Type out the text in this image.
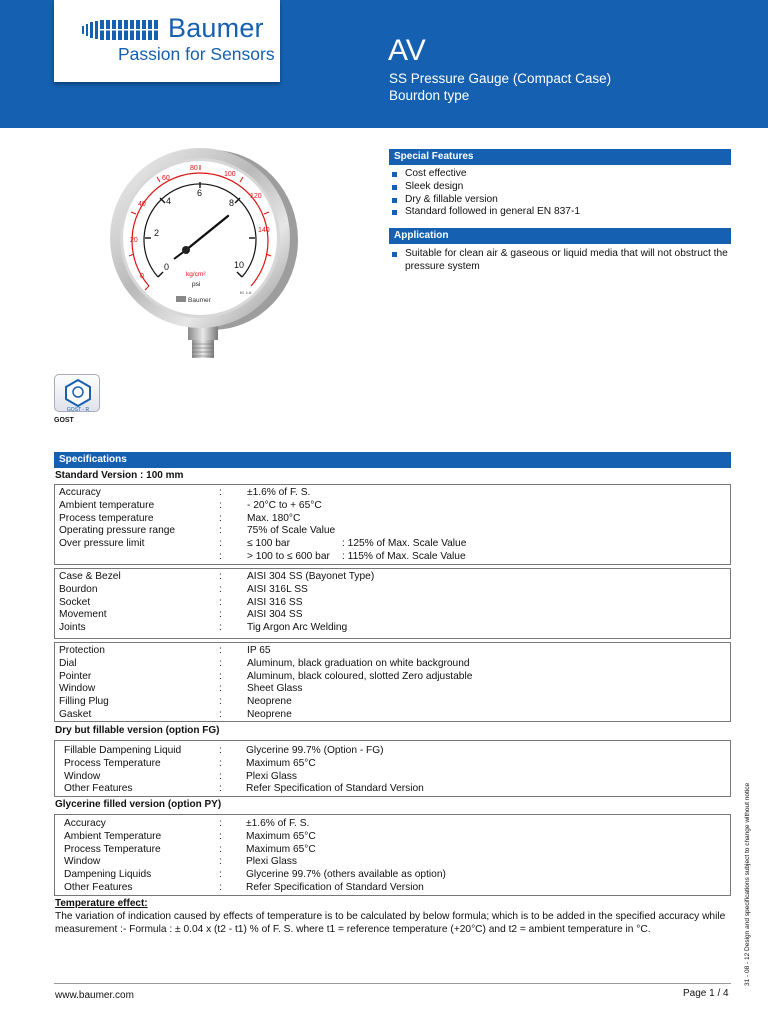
Baumer
Passion for Sensors	AV
SS Pressure Gauge (Compact Case)
Bourdon type
0
20
40
60
80
100
120
140
0
2
4
6
8
10
kg/cm²
psi
Baumer
Kl. 1.6
Special Features
Cost effective
Sleek design
Dry & fillable version
Standard followed in general EN 837-1
Application
Suitable for clean air & gaseous or liquid media that will not obstruct the pressure system
GOST - R
GOST
Specifications
Standard Version : 100 mm
Dry but fillable version (option FG)
Glycerine filled version (option PY)
Accuracy	: ±1.6% of F. S.
Ambient temperature	: - 20°C to + 65°C
Process temperature	: Max. 180°C
Operating pressure range	: 75% of Scale Value
Over pressure limit	: ≤ 100 bar	: 125% of Max. Scale Value
: > 100 to ≤ 600 bar : 115% of Max. Scale Value
Case & Bezel	: AISI 304 SS (Bayonet Type)
Bourdon	: AISI 316L SS
Socket	: AISI 316 SS
Movement	: AISI 304 SS
Joints	: Tig Argon Arc Welding
Protection	: IP 65
Dial	: Aluminum, black graduation on white background
Pointer	: Aluminum, black coloured, slotted Zero adjustable
Window	: Sheet Glass
Filling Plug	: Neoprene
Gasket	: Neoprene
Fillable Dampening Liquid	: Glycerine 99.7% (Option - FG)
Process Temperature	: Maximum 65°C
Window	: Plexi Glass
Other Features	: Refer Specification of Standard Version
Accuracy	: ±1.6% of F. S.
Ambient Temperature	: Maximum 65°C
Process Temperature	: Maximum 65°C
Window	: Plexi Glass
Dampening Liquids	: Glycerine 99.7% (others available as option)
Other Features	: Refer Specification of Standard Version
Temperature effect:
The variation of indication caused by effects of temperature is to be calculated by below formula; which is to be added in the specified accuracy while measurement :- Formula : ± 0.04 x (t2 - t1) % of F. S. where t1 = reference temperature (+20°C) and t2 = ambient temperature in °C.	31 - 08 - 12 Design and specifications subject to change without notice
www.baumer.com	Page 1 / 4
